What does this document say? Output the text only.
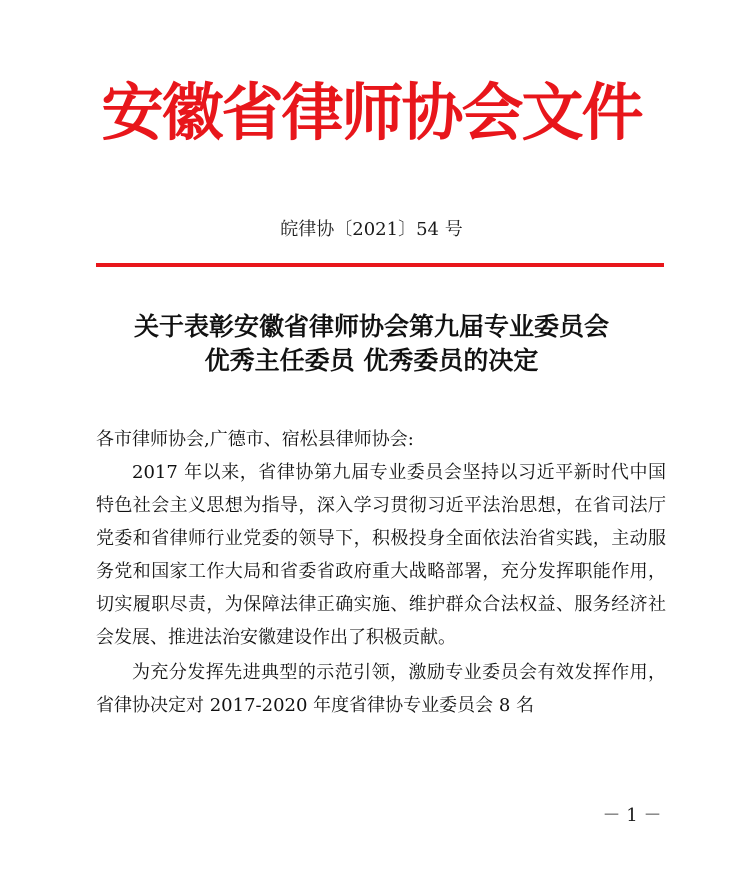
安徽省律师协会文件
皖律协〔2021〕54 号
关于表彰安徽省律师协会第九届专业委员会
优秀主任委员 优秀委员的决定

各市律师协会,广德市、宿松县律师协会:

2017 年以来，省律协第九届专业委员会坚持以习近平新时代中国特色社会主义思想为指导，深入学习贯彻习近平法治思想，在省司法厅党委和省律师行业党委的领导下，积极投身全面依法治省实践，主动服务党和国家工作大局和省委省政府重大战略部署，充分发挥职能作用，切实履职尽责，为保障法律正确实施、维护群众合法权益、服务经济社会发展、推进法治安徽建设作出了积极贡献。

为充分发挥先进典型的示范引领，激励专业委员会有效发挥作用，省律协决定对 2017-2020 年度省律协专业委员会 8 名

－ 1 －
